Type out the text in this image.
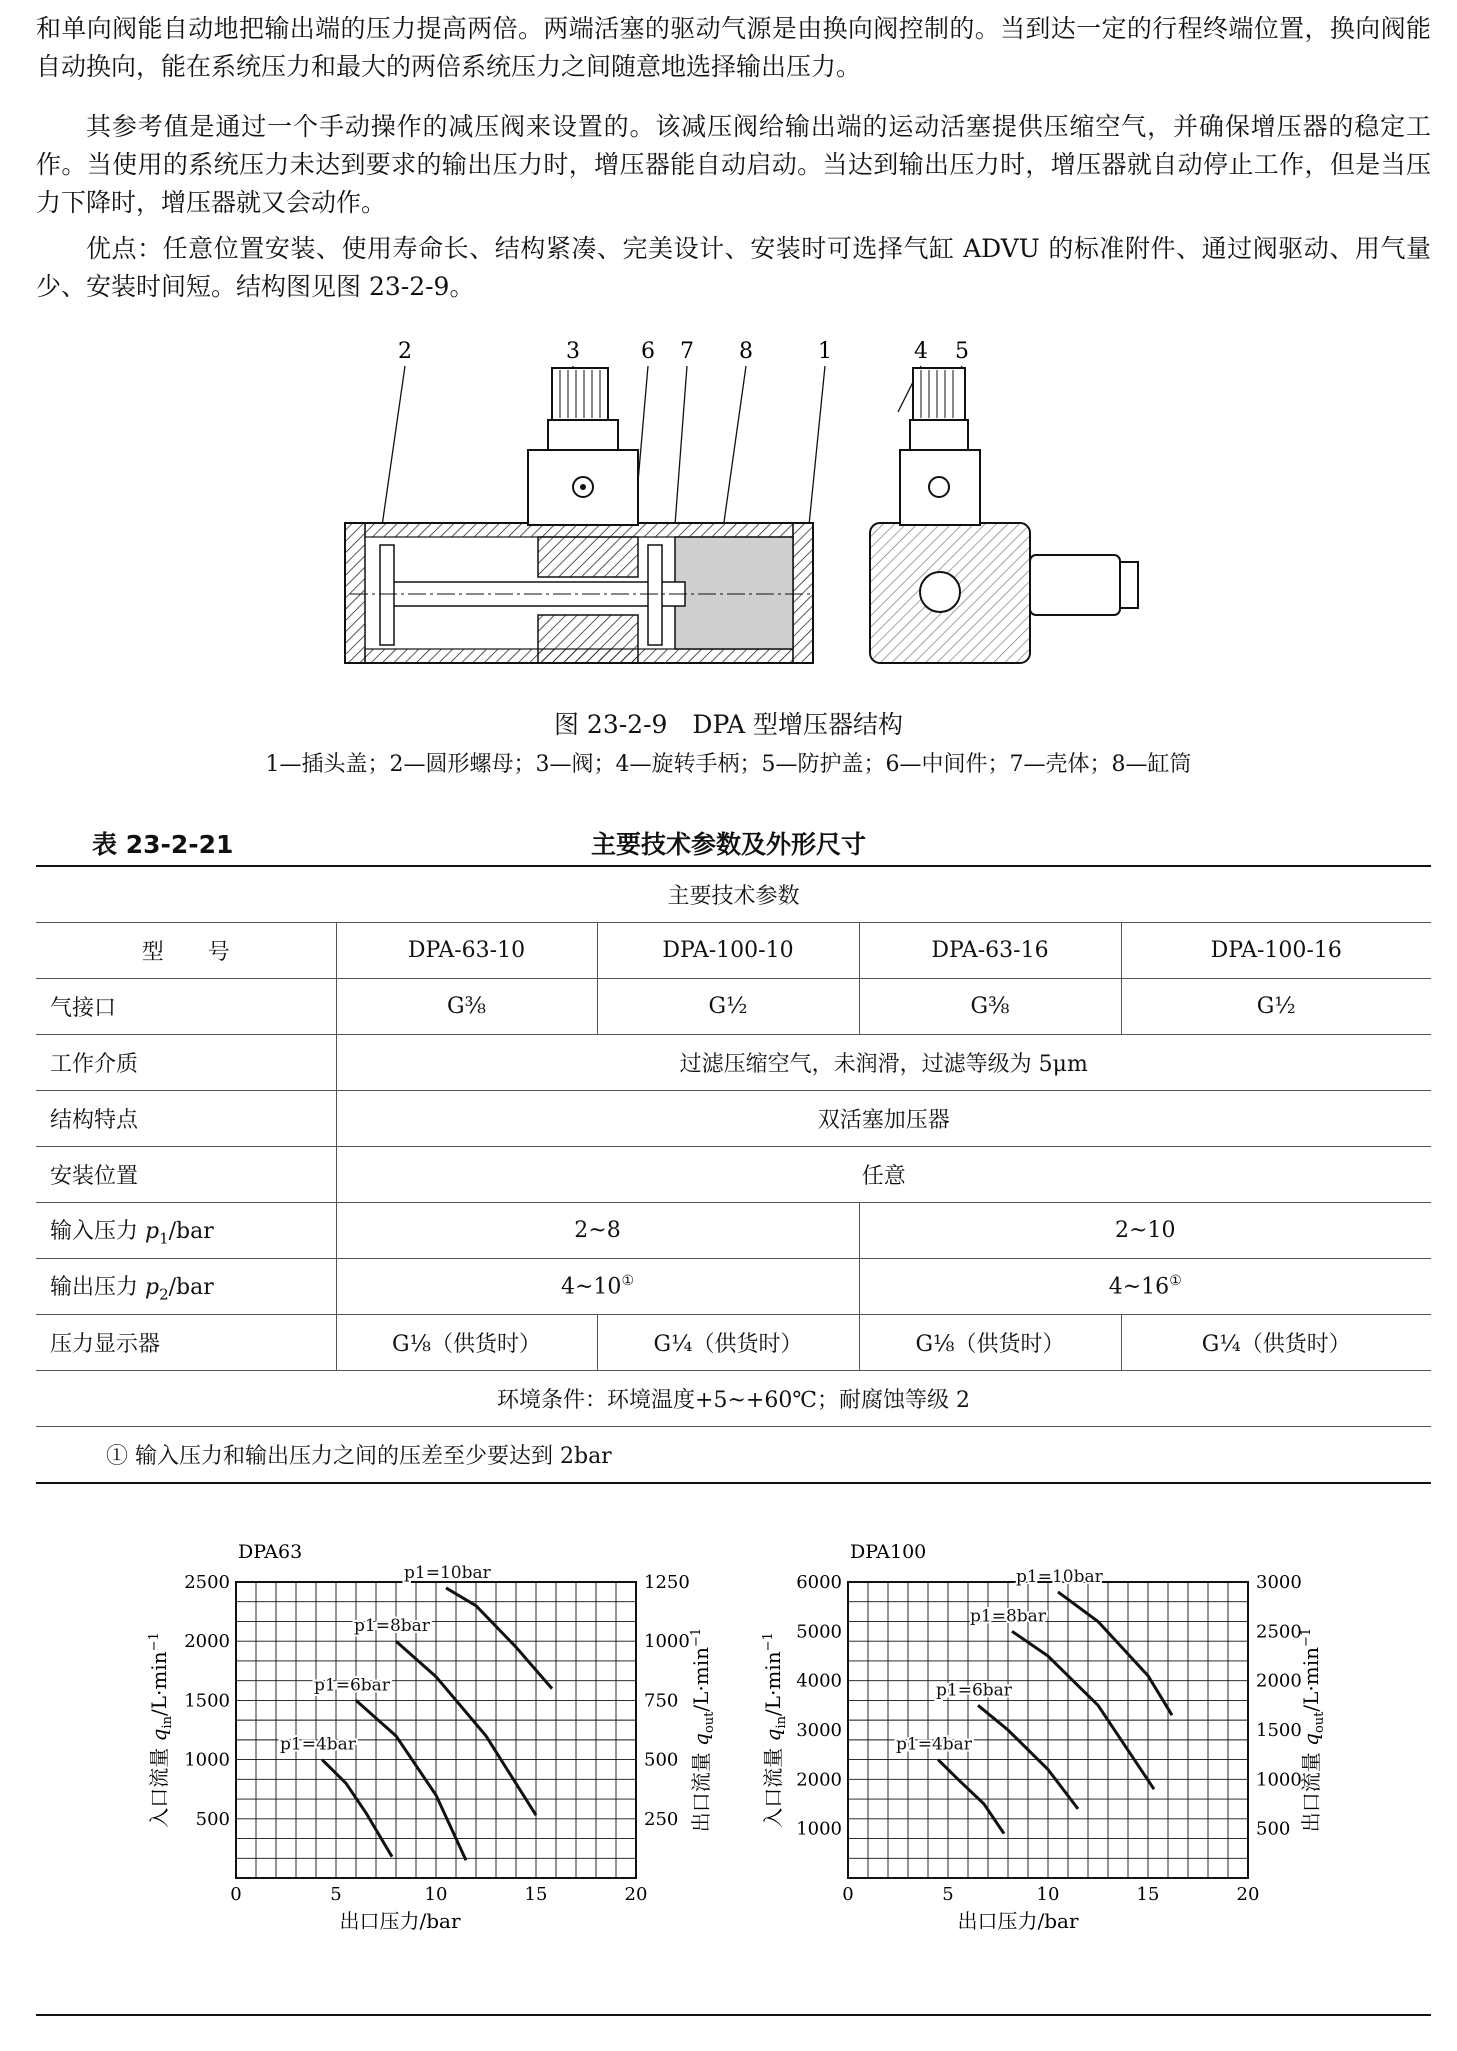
和单向阀能自动地把输出端的压力提高两倍。两端活塞的驱动气源是由换向阀控制的。当到达一定的行程终端位置，换向阀能自动换向，能在系统压力和最大的两倍系统压力之间随意地选择输出压力。
其参考值是通过一个手动操作的减压阀来设置的。该减压阀给输出端的运动活塞提供压缩空气，并确保增压器的稳定工作。当使用的系统压力未达到要求的输出压力时，增压器能自动启动。当达到输出压力时，增压器就自动停止工作，但是当压力下降时，增压器就又会动作。
优点：任意位置安装、使用寿命长、结构紧凑、完美设计、安装时可选择气缸 ADVU 的标准附件、通过阀驱动、用气量少、安装时间短。结构图见图 23-2-9。
2	3	6 7 8	1	4 5
图 23-2-9　DPA 型增压器结构
1—插头盖；2—圆形螺母；3—阀；4—旋转手柄；5—防护盖；6—中间件；7—壳体；8—缸筒
主要技术参数及外形尺寸
表 23-2-21
主要技术参数				
型　　号	DPA-63-10	DPA-100-10	DPA-63-16	DPA-100-16
气接口	G⅜	G½	G⅜	G½
工作介质	过滤压缩空气，未润滑，过滤等级为 5μm			
结构特点	双活塞加压器			
安装位置	任意			
输入压力 $p_1$/bar	2~8		2~10	
输出压力 $p_2$/bar	4~10①		4~16①
压力显示器	G⅛（供货时）	G¼（供货时）	G⅛（供货时）	G¼（供货时）
环境条件：环境温度+5~+60℃；耐腐蚀等级 2				
① 输入压力和输出压力之间的压差至少要达到 2bar				
DPA63
0	5	10	15	20
500
1000
1500
2000
2500
250
500
750
1000
1250
p1=4bar
p1=6bar
p1=8bar
p1=10bar
出口压力/bar
入口流量 $q_{in}/L\cdot\min^{-1}$
出口流量 $q_{out}/L\cdot\min^{-1}$
DPA100
0	5	10	15	20
1000
2000
3000
4000
5000
6000
500
1000
1500
2000
2500
3000
p1=4bar
p1=6bar
p1=8bar
p1=10bar
出口压力/bar
入口流量 $q_{in}/L\cdot\min^{-1}$
出口流量 $q_{out}/L\cdot\min^{-1}$
